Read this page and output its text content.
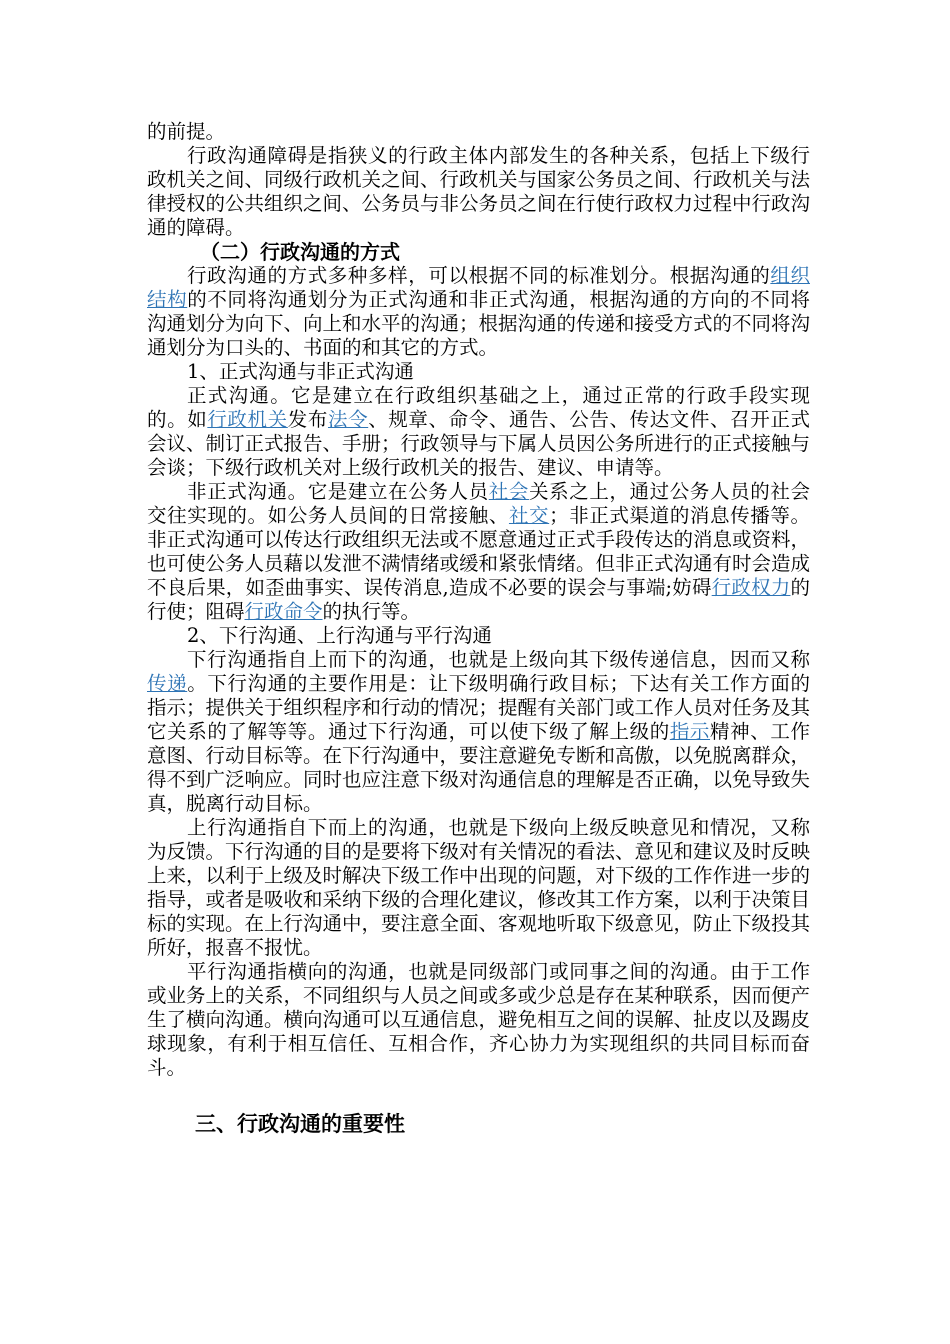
的前提。

行政沟通障碍是指狭义的行政主体内部发生的各种关系，包括上下级行政机关之间、同级行政机关之间、行政机关与国家公务员之间、行政机关与法律授权的公共组织之间、公务员与非公务员之间在行使行政权力过程中行政沟通的障碍。

（二）行政沟通的方式

行政沟通的方式多种多样，可以根据不同的标准划分。根据沟通的组织结构的不同将沟通划分为正式沟通和非正式沟通，根据沟通的方向的不同将沟通划分为向下、向上和水平的沟通；根据沟通的传递和接受方式的不同将沟通划分为口头的、书面的和其它的方式。

1、正式沟通与非正式沟通

正式沟通。它是建立在行政组织基础之上，通过正常的行政手段实现的。如行政机关发布法令、规章、命令、通告、公告、传达文件、召开正式会议、制订正式报告、手册；行政领导与下属人员因公务所进行的正式接触与会谈；下级行政机关对上级行政机关的报告、建议、申请等。

非正式沟通。它是建立在公务人员社会关系之上，通过公务人员的社会交往实现的。如公务人员间的日常接触、社交；非正式渠道的消息传播等。非正式沟通可以传达行政组织无法或不愿意通过正式手段传达的消息或资料，也可使公务人员藉以发泄不满情绪或缓和紧张情绪。但非正式沟通有时会造成不良后果，如歪曲事实、误传消息,造成不必要的误会与事端;妨碍行政权力的行使；阻碍行政命令的执行等。

2、下行沟通、上行沟通与平行沟通

下行沟通指自上而下的沟通，也就是上级向其下级传递信息，因而又称传递。下行沟通的主要作用是：让下级明确行政目标；下达有关工作方面的指示；提供关于组织程序和行动的情况；提醒有关部门或工作人员对任务及其它关系的了解等等。通过下行沟通，可以使下级了解上级的指示精神、工作意图、行动目标等。在下行沟通中，要注意避免专断和高傲，以免脱离群众，得不到广泛响应。同时也应注意下级对沟通信息的理解是否正确，以免导致失真，脱离行动目标。

上行沟通指自下而上的沟通，也就是下级向上级反映意见和情况，又称为反馈。下行沟通的目的是要将下级对有关情况的看法、意见和建议及时反映上来，以利于上级及时解决下级工作中出现的问题，对下级的工作作进一步的指导，或者是吸收和采纳下级的合理化建议，修改其工作方案，以利于决策目标的实现。在上行沟通中，要注意全面、客观地听取下级意见，防止下级投其所好，报喜不报忧。

平行沟通指横向的沟通，也就是同级部门或同事之间的沟通。由于工作或业务上的关系，不同组织与人员之间或多或少总是存在某种联系，因而便产生了横向沟通。横向沟通可以互通信息，避免相互之间的误解、扯皮以及踢皮球现象，有利于相互信任、互相合作，齐心协力为实现组织的共同目标而奋斗。

三、行政沟通的重要性
